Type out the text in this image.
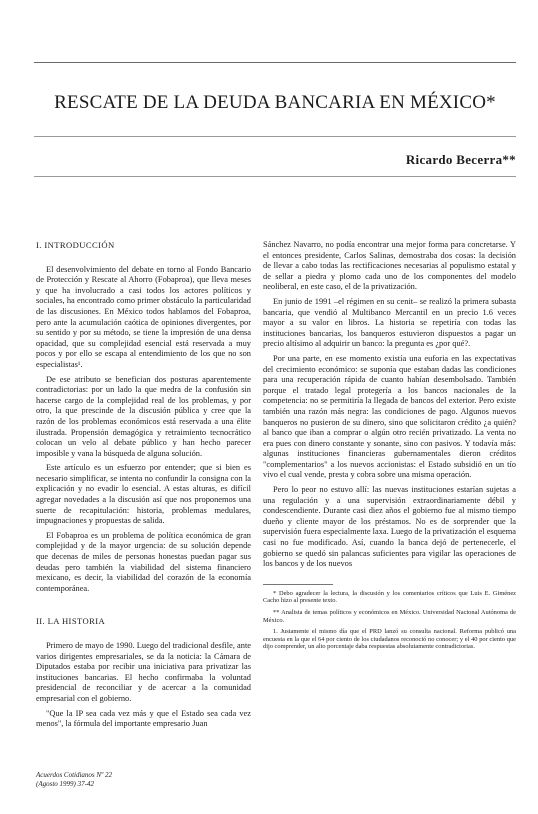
RESCATE DE LA DEUDA BANCARIA EN MÉXICO*
Ricardo Becerra**
I. INTRODUCCIÓN

El desenvolvimiento del debate en torno al Fondo Bancario de Protección y Rescate al Ahorro (Fobaproa), que lleva meses y que ha involucrado a casi todos los actores políticos y sociales, ha encontrado como primer obstáculo la particularidad de las discusiones. En México todos hablamos del Fobaproa, pero ante la acumulación caótica de opiniones divergentes, por su sentido y por su método, se tiene la impresión de una densa opacidad, que su complejidad esencial está reservada a muy pocos y por ello se escapa al entendimiento de los que no son especialistas¹.

De ese atributo se benefician dos posturas aparentemente contradictorias: por un lado la que medra de la confusión sin hacerse cargo de la complejidad real de los problemas, y por otro, la que prescinde de la discusión pública y cree que la razón de los problemas económicos está reservada a una élite ilustrada. Propensión demagógica y retraimiento tecnocrático colocan un velo al debate público y han hecho parecer imposible y vana la búsqueda de alguna solución.

Este artículo es un esfuerzo por entender; que si bien es necesario simplificar, se intenta no confundir la consigna con la explicación y no evadir lo esencial. A estas alturas, es difícil agregar novedades a la discusión así que nos proponemos una suerte de recapitulación: historia, problemas medulares, impugnaciones y propuestas de salida.

El Fobaproa es un problema de política económica de gran complejidad y de la mayor urgencia: de su solución depende que decenas de miles de personas honestas puedan pagar sus deudas pero también la viabilidad del sistema financiero mexicano, es decir, la viabilidad del corazón de la economía contemporánea.

II. LA HISTORIA

Primero de mayo de 1990. Luego del tradicional desfile, ante varios dirigentes empresariales, se da la noticia: la Cámara de Diputados estaba por recibir una iniciativa para privatizar las instituciones bancarias. El hecho confirmaba la voluntad presidencial de reconciliar y de acercar a la comunidad empresarial con el gobierno.

"Que la IP sea cada vez más y que el Estado sea cada vez menos", la fórmula del importante empresario Juan

Sánchez Navarro, no podía encontrar una mejor forma para concretarse. Y el entonces presidente, Carlos Salinas, demostraba dos cosas: la decisión de llevar a cabo todas las rectificaciones necesarias al populismo estatal y de sellar a piedra y plomo cada uno de los componentes del modelo neoliberal, en este caso, el de la privatización.

En junio de 1991 –el régimen en su cenit– se realizó la primera subasta bancaria, que vendió al Multibanco Mercantil en un precio 1.6 veces mayor a su valor en libros. La historia se repetiría con todas las instituciones bancarias, los banqueros estuvieron dispuestos a pagar un precio altísimo al adquirir un banco: la pregunta es ¿por qué?.

Por una parte, en ese momento existía una euforia en las expectativas del crecimiento económico: se suponía que estaban dadas las condiciones para una recuperación rápida de cuanto habían desembolsado. También porque el tratado legal protegería a los bancos nacionales de la competencia: no se permitiría la llegada de bancos del exterior. Pero existe también una razón más negra: las condiciones de pago. Algunos nuevos banqueros no pusieron de su dinero, sino que solicitaron crédito ¿a quién? al banco que iban a comprar o algún otro recién privatizado. La venta no era pues con dinero constante y sonante, sino con pasivos. Y todavía más: algunas instituciones financieras gubernamentales dieron créditos "complementarios" a los nuevos accionistas: el Estado subsidió en un tío vivo el cual vende, presta y cobra sobre una misma operación.

Pero lo peor no estuvo allí: las nuevas instituciones estarían sujetas a una regulación y a una supervisión extraordinariamente débil y condescendiente. Durante casi diez años el gobierno fue al mismo tiempo dueño y cliente mayor de los préstamos. No es de sorprender que la supervisión fuera especialmente laxa. Luego de la privatización el esquema casi no fue modificado. Así, cuando la banca dejó de pertenecerle, el gobierno se quedó sin palancas suficientes para vigilar las operaciones de los bancos y de los nuevos

* Debo agradecer la lectura, la discusión y los comentarios críticos que Luis E. Giménez Cacho hizo al presente texto.

** Analista de temas políticos y económicos en México. Universidad Nacional Autónoma de México.

1. Justamente el mismo día que el PRD lanzó su consulta nacional. Reforma publicó una encuesta en la que el 64 por ciento de los ciudadanos reconoció no conocer; y el 40 por ciento que dijo comprender, un alto porcentaje daba respuestas absolutamente contradictorias.

Acuerdos Cotidianos Nº 22
(Agosto 1999) 37-42
